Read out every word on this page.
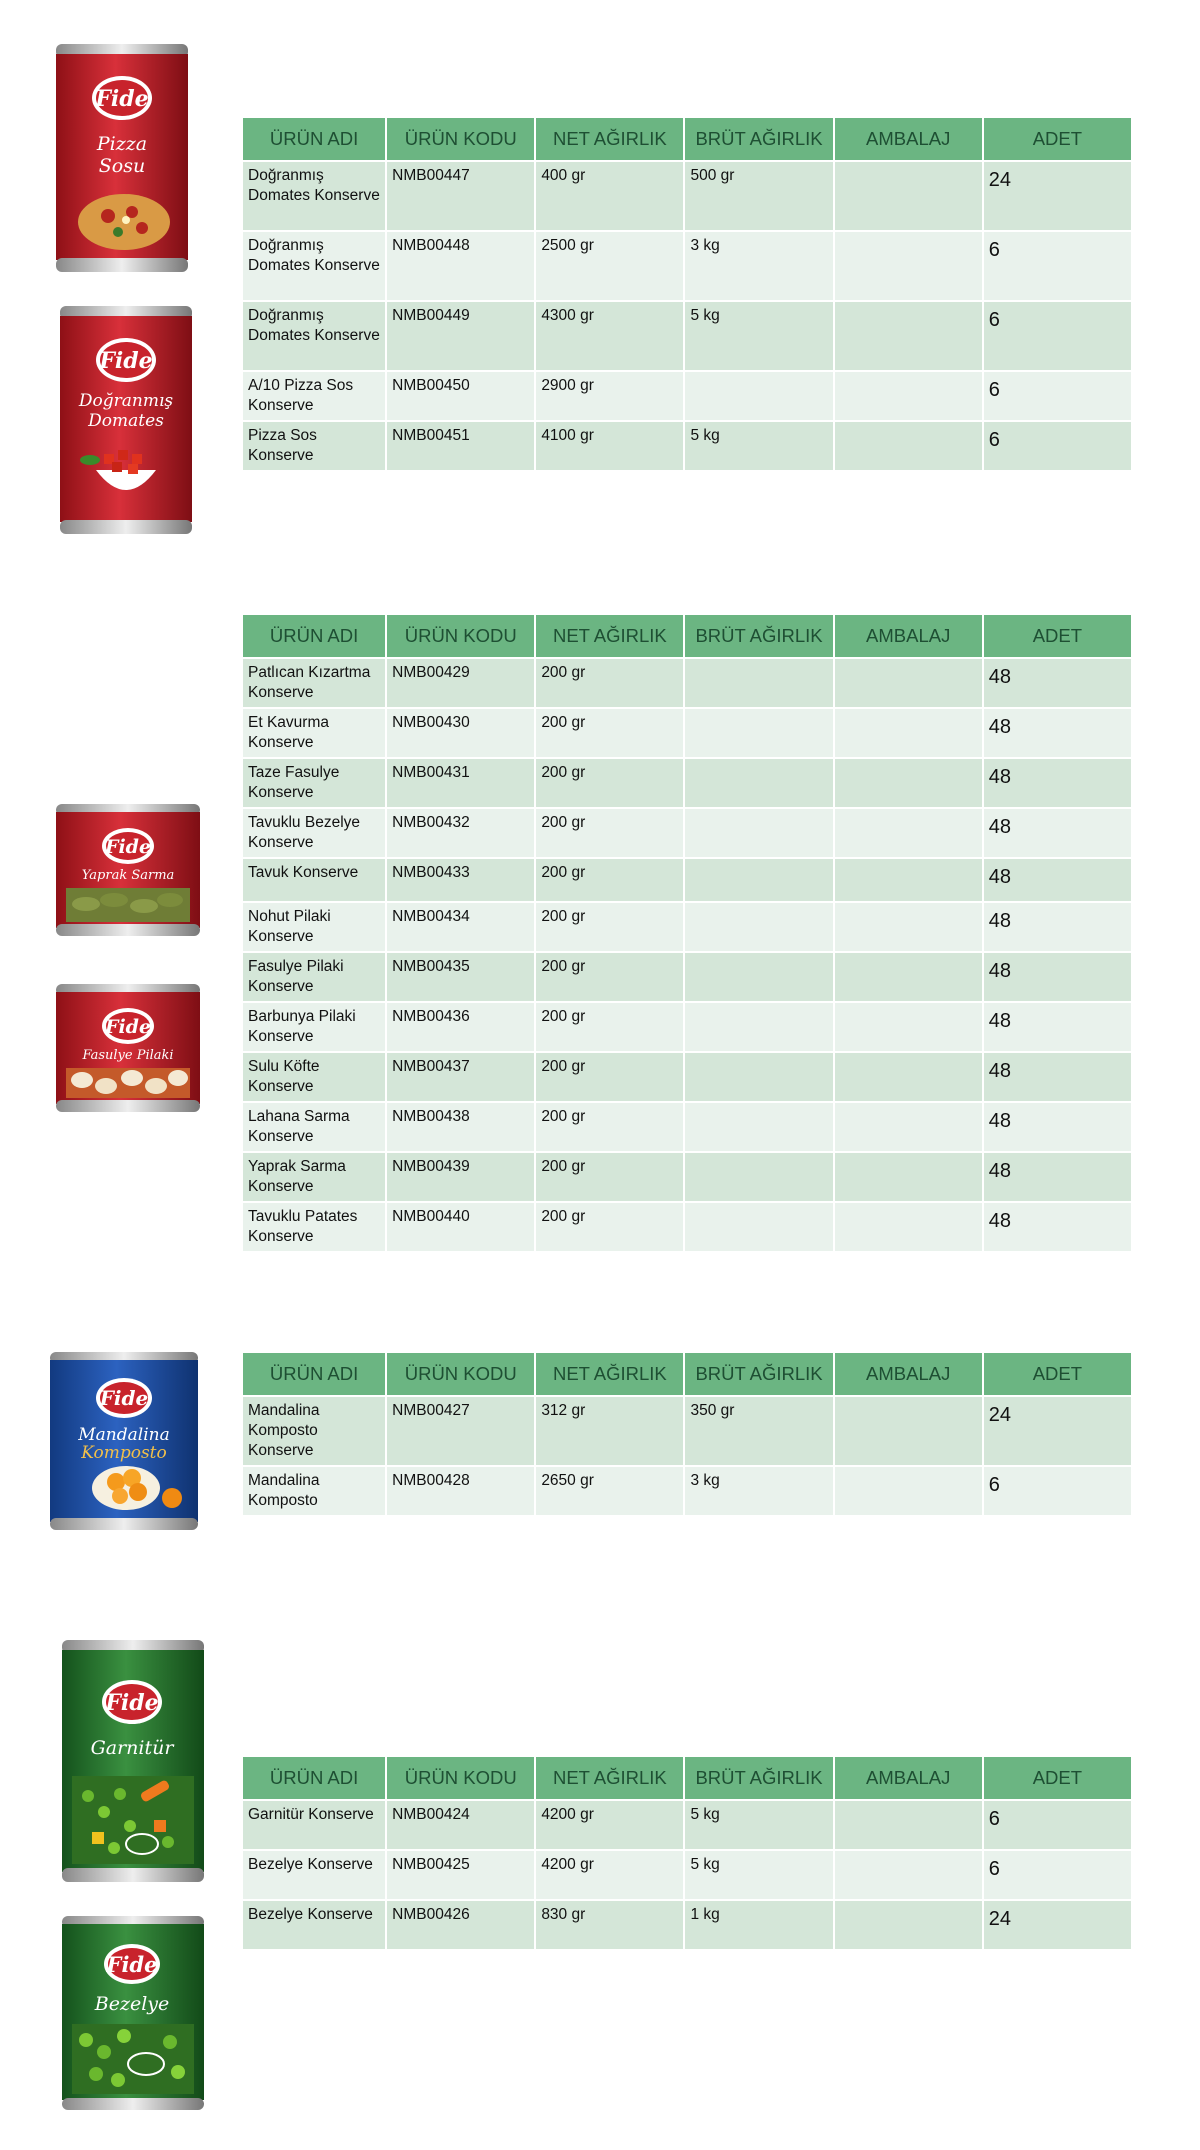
Fide
Pizza
Sosu
Fide
Doğranmış
Domates
Fide
Yaprak Sarma
Fide
Fasulye Pilaki
Fide
Mandalina
Komposto
Fide
Garnitür
Fide
Bezelye
ÜRÜN ADI	ÜRÜN KODU	NET AĞIRLIK	BRÜT AĞIRLIK	AMBALAJ	ADET
Doğranmış Domates Konserve	NMB00447	400 gr	500 gr		24
Doğranmış Domates Konserve	NMB00448	2500 gr	3 kg		6
Doğranmış Domates Konserve	NMB00449	4300 gr	5 kg		6
A/10 Pizza Sos Konserve	NMB00450	2900 gr			6
Pizza Sos Konserve	NMB00451	4100 gr	5 kg		6
ÜRÜN ADI	ÜRÜN KODU	NET AĞIRLIK	BRÜT AĞIRLIK	AMBALAJ	ADET
Patlıcan Kızartma Konserve	NMB00429	200 gr			48
Et Kavurma Konserve	NMB00430	200 gr			48
Taze Fasulye Konserve	NMB00431	200 gr			48
Tavuklu Bezelye Konserve	NMB00432	200 gr			48
Tavuk Konserve	NMB00433	200 gr			48
Nohut Pilaki Konserve	NMB00434	200 gr			48
Fasulye Pilaki Konserve	NMB00435	200 gr			48
Barbunya Pilaki Konserve	NMB00436	200 gr			48
Sulu Köfte Konserve	NMB00437	200 gr			48
Lahana Sarma Konserve	NMB00438	200 gr			48
Yaprak Sarma Konserve	NMB00439	200 gr			48
Tavuklu Patates Konserve	NMB00440	200 gr			48
ÜRÜN ADI	ÜRÜN KODU	NET AĞIRLIK	BRÜT AĞIRLIK	AMBALAJ	ADET
Mandalina Komposto Konserve	NMB00427	312 gr	350 gr		24
Mandalina Komposto	NMB00428	2650 gr	3 kg		6
ÜRÜN ADI	ÜRÜN KODU	NET AĞIRLIK	BRÜT AĞIRLIK	AMBALAJ	ADET
Garnitür Konserve	NMB00424	4200 gr	5 kg		6
Bezelye Konserve	NMB00425	4200 gr	5 kg		6
Bezelye Konserve	NMB00426	830 gr	1 kg		24
